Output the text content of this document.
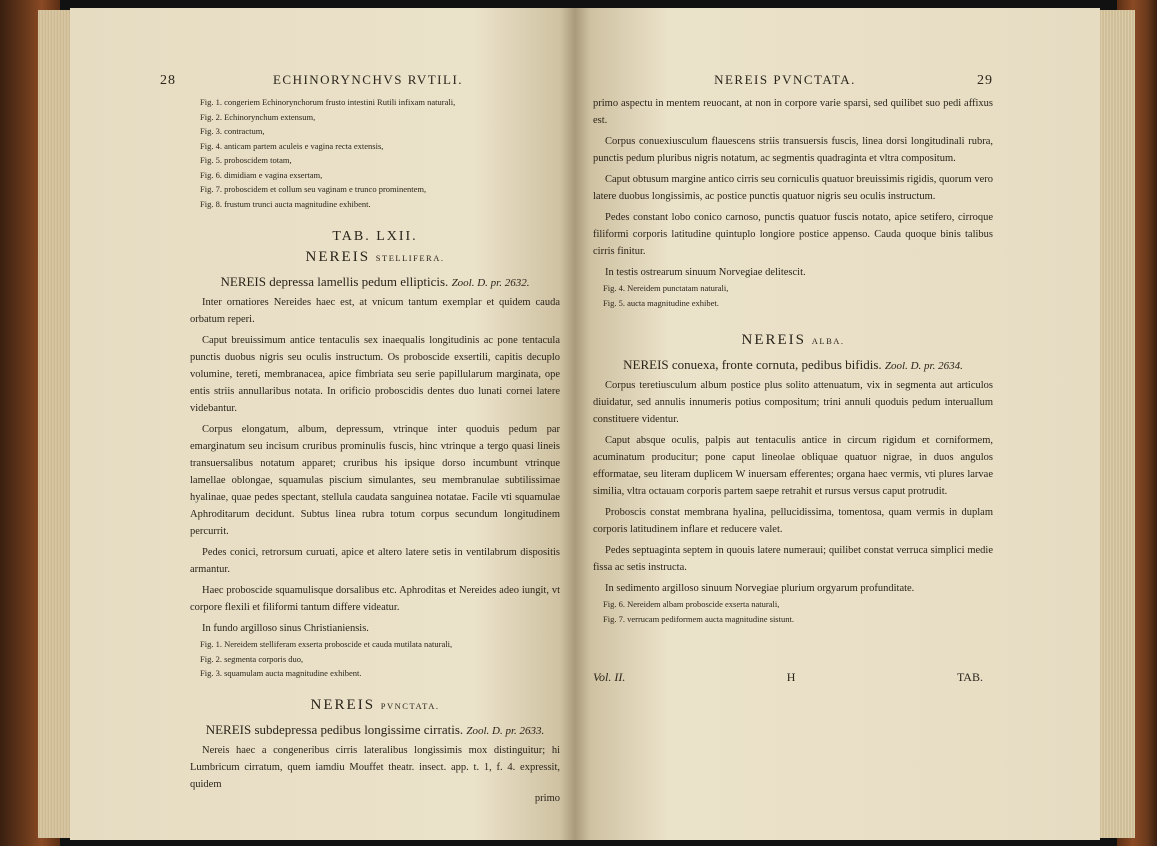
28	ECHINORYNCHVS RVTILI.
Fig. 1. congeriem Echinorynchorum frusto intestini Rutili infixam naturali,
Fig. 2. Echinorynchum extensum,
Fig. 3. contractum,
Fig. 4. anticam partem aculeis e vagina recta extensis,
Fig. 5. proboscidem totam,
Fig. 6. dimidiam e vagina exsertam,
Fig. 7. proboscidem et collum seu vaginam e trunco prominentem,
Fig. 8. frustum trunci aucta magnitudine exhibent.
TAB. LXII.
NEREIS STELLIFERA.
NEREIS depressa lamellis pedum ellipticis. Zool. D. pr. 2632.

Inter ornatiores Nereides haec est, at vnicum tantum exemplar et quidem cauda orbatum reperi.

Caput breuissimum antice tentaculis sex inaequalis longitudinis ac pone tentacula punctis duobus nigris seu oculis instructum. Os proboscide exsertili, capitis decuplo volumine, tereti, membranacea, apice fimbriata seu serie papillularum marginata, ope entis striis annullaribus notata. In orificio proboscidis dentes duo lunati cornei latere videbantur.

Corpus elongatum, album, depressum, vtrinque inter quoduis pedum par emarginatum seu incisum cruribus prominulis fuscis, hinc vtrinque a tergo quasi lineis transuersalibus notatum apparet; cruribus his ipsique dorso incumbunt vtrinque lamellae oblongae, squamulas piscium simulantes, seu membranulae subtilissimae hyalinae, quae pedes spectant, stellula caudata sanguinea notatae. Facile vti squamulae Aphroditarum decidunt. Subtus linea rubra totum corpus secundum longitudinem percurrit.

Pedes conici, retrorsum curuati, apice et altero latere setis in ventilabrum dispositis armantur.

Haec proboscide squamulisque dorsalibus etc. Aphroditas et Nereides adeo iungit, vt corpore flexili et filiformi tantum differe videatur.

In fundo argilloso sinus Christianiensis.

Fig. 1. Nereidem stelliferam exserta proboscide et cauda mutilata naturali,
Fig. 2. segmenta corporis duo,
Fig. 3. squamulam aucta magnitudine exhibent.
NEREIS PVNCTATA.
NEREIS subdepressa pedibus longissime cirratis. Zool. D. pr. 2633.

Nereis haec a congeneribus cirris lateralibus longissimis mox distinguitur; hi Lumbricum cirratum, quem iamdiu Mouffet theatr. insect. app. t. 1, f. 4. expressit, quidem

primo
NEREIS PVNCTATA.	29

primo aspectu in mentem reuocant, at non in corpore varie sparsi, sed quilibet suo pedi affixus est.

Corpus conuexiusculum flauescens striis transuersis fuscis, linea dorsi longitudinali rubra, punctis pedum pluribus nigris notatum, ac segmentis quadraginta et vltra compositum.

Caput obtusum margine antico cirris seu corniculis quatuor breuissimis rigidis, quorum vero latere duobus longissimis, ac postice punctis quatuor nigris seu oculis instructum.

Pedes constant lobo conico carnoso, punctis quatuor fuscis notato, apice setifero, cirroque filiformi corporis latitudine quintuplo longiore postice appenso. Cauda quoque binis talibus cirris finitur.

In testis ostrearum sinuum Norvegiae delitescit.

Fig. 4. Nereidem punctatam naturali,
Fig. 5. aucta magnitudine exhibet.
NEREIS ALBA.
NEREIS conuexa, fronte cornuta, pedibus bifidis. Zool. D. pr. 2634.

Corpus teretiusculum album postice plus solito attenuatum, vix in segmenta aut articulos diuidatur, sed annulis innumeris potius compositum; trini annuli quoduis pedum interuallum constituere videntur.

Caput absque oculis, palpis aut tentaculis antice in circum rigidum et corniformem, acuminatum producitur; pone caput lineolae obliquae quatuor nigrae, in duos angulos efformatae, seu literam duplicem W inuersam efferentes; organa haec vermis, vti plures larvae similia, vltra octauam corporis partem saepe retrahit et rursus versus caput protrudit.

Proboscis constat membrana hyalina, pellucidissima, tomentosa, quam vermis in duplam corporis latitudinem inflare et reducere valet.

Pedes septuaginta septem in quouis latere numeraui; quilibet constat verruca simplici medie fissa ac setis instructa.

In sedimento argilloso sinuum Norvegiae plurium orgyarum profunditate.

Fig. 6. Nereidem albam proboscide exserta naturali,
Fig. 7. verrucam pediformem aucta magnitudine sistunt.
Vol. II.	H	TAB.
